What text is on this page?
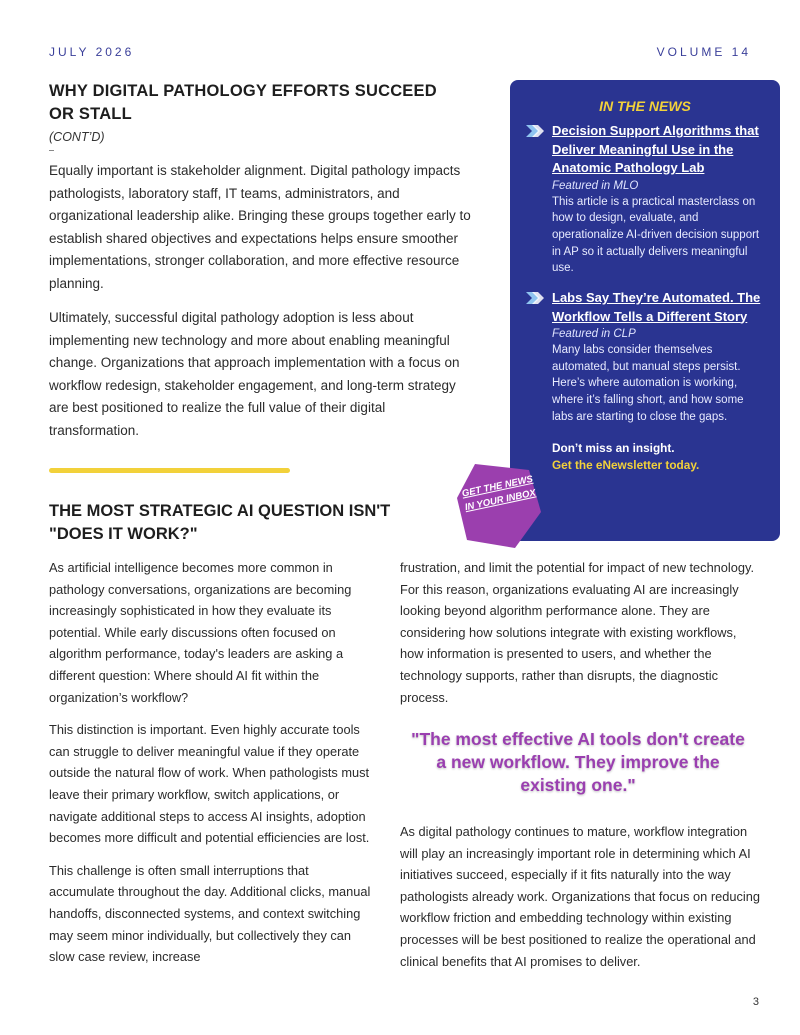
JULY 2026	VOLUME 14
WHY DIGITAL PATHOLOGY EFFORTS SUCCEED OR STALL
(CONT’D)

Equally important is stakeholder alignment. Digital pathology impacts pathologists, laboratory staff, IT teams, administrators, and organizational leadership alike. Bringing these groups together early to establish shared objectives and expectations helps ensure smoother implementations, stronger collaboration, and more effective resource planning.

Ultimately, successful digital pathology adoption is less about implementing new technology and more about enabling meaningful change. Organizations that approach implementation with a focus on workflow redesign, stakeholder engagement, and long-term strategy are best positioned to realize the full value of their digital transformation.

THE MOST STRATEGIC AI QUESTION ISN'T "DOES IT WORK?"

As artificial intelligence becomes more common in pathology conversations, organizations are becoming increasingly sophisticated in how they evaluate its potential. While early discussions often focused on algorithm performance, today's leaders are asking a different question: Where should AI fit within the organization’s workflow?

This distinction is important. Even highly accurate tools can struggle to deliver meaningful value if they operate outside the natural flow of work. When pathologists must leave their primary workflow, switch applications, or navigate additional steps to access AI insights, adoption becomes more difficult and potential efficiencies are lost.

This challenge is often small interruptions that accumulate throughout the day. Additional clicks, manual handoffs, disconnected systems, and context switching may seem minor individually, but collectively they can slow case review, increase

frustration, and limit the potential for impact of new technology. For this reason, organizations evaluating AI are increasingly looking beyond algorithm performance alone. They are considering how solutions integrate with existing workflows, how information is presented to users, and whether the technology supports, rather than disrupts, the diagnostic process.

As digital pathology continues to mature, workflow integration will play an increasingly important role in determining which AI initiatives succeed, especially if it fits naturally into the way pathologists already work. Organizations that focus on reducing workflow friction and embedding technology within existing processes will be best positioned to realize the operational and clinical benefits that AI promises to deliver.

"The most effective AI tools don't create a new workflow. They improve the existing one."
IN THE NEWS
Decision Support Algorithms that Deliver Meaningful Use in the Anatomic Pathology Lab
Featured in MLO
This article is a practical masterclass on how to design, evaluate, and operationalize AI-driven decision support in AP so it actually delivers meaningful use.
Labs Say They’re Automated. The Workflow Tells a Different Story
Featured in CLP
Many labs consider themselves automated, but manual steps persist. Here’s where automation is working, where it’s falling short, and how some labs are starting to close the gaps.
Don’t miss an insight.
Get the eNewsletter today.
GET THE NEWS IN YOUR INBOX
3
